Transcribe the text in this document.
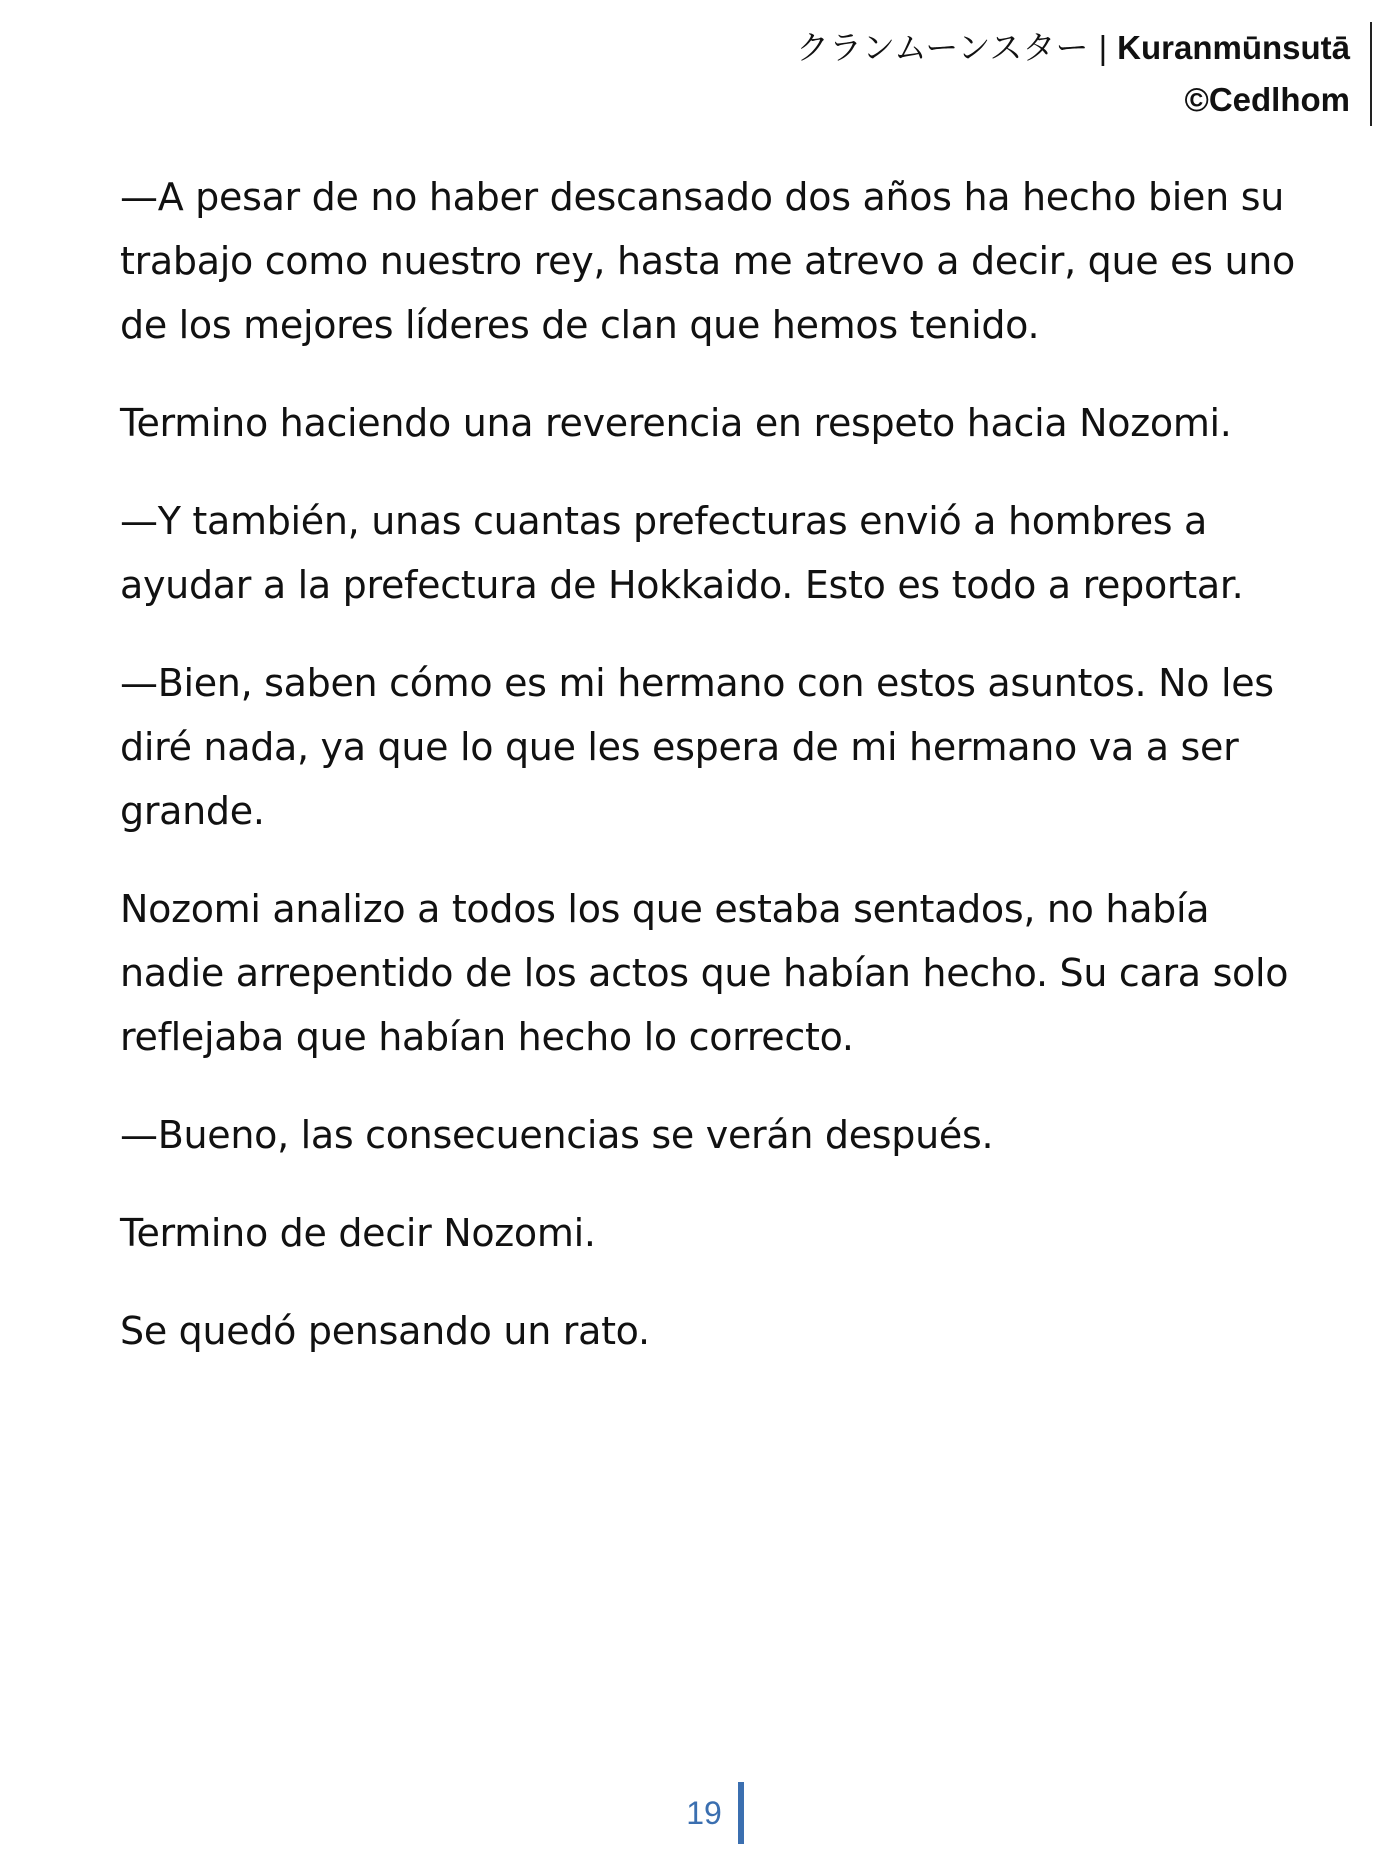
クランムーンスター | Kuranmūnsutā
©Cedlhom

—A pesar de no haber descansado dos años ha hecho bien su trabajo como nuestro rey, hasta me atrevo a decir, que es uno de los mejores líderes de clan que hemos tenido.

Termino haciendo una reverencia en respeto hacia Nozomi.

—Y también, unas cuantas prefecturas envió a hombres a ayudar a la prefectura de Hokkaido. Esto es todo a reportar.

—Bien, saben cómo es mi hermano con estos asuntos. No les diré nada, ya que lo que les espera de mi hermano va a ser grande.

Nozomi analizo a todos los que estaba sentados, no había nadie arrepentido de los actos que habían hecho. Su cara solo reflejaba que habían hecho lo correcto.

—Bueno, las consecuencias se verán después.

Termino de decir Nozomi.

Se quedó pensando un rato.

19
